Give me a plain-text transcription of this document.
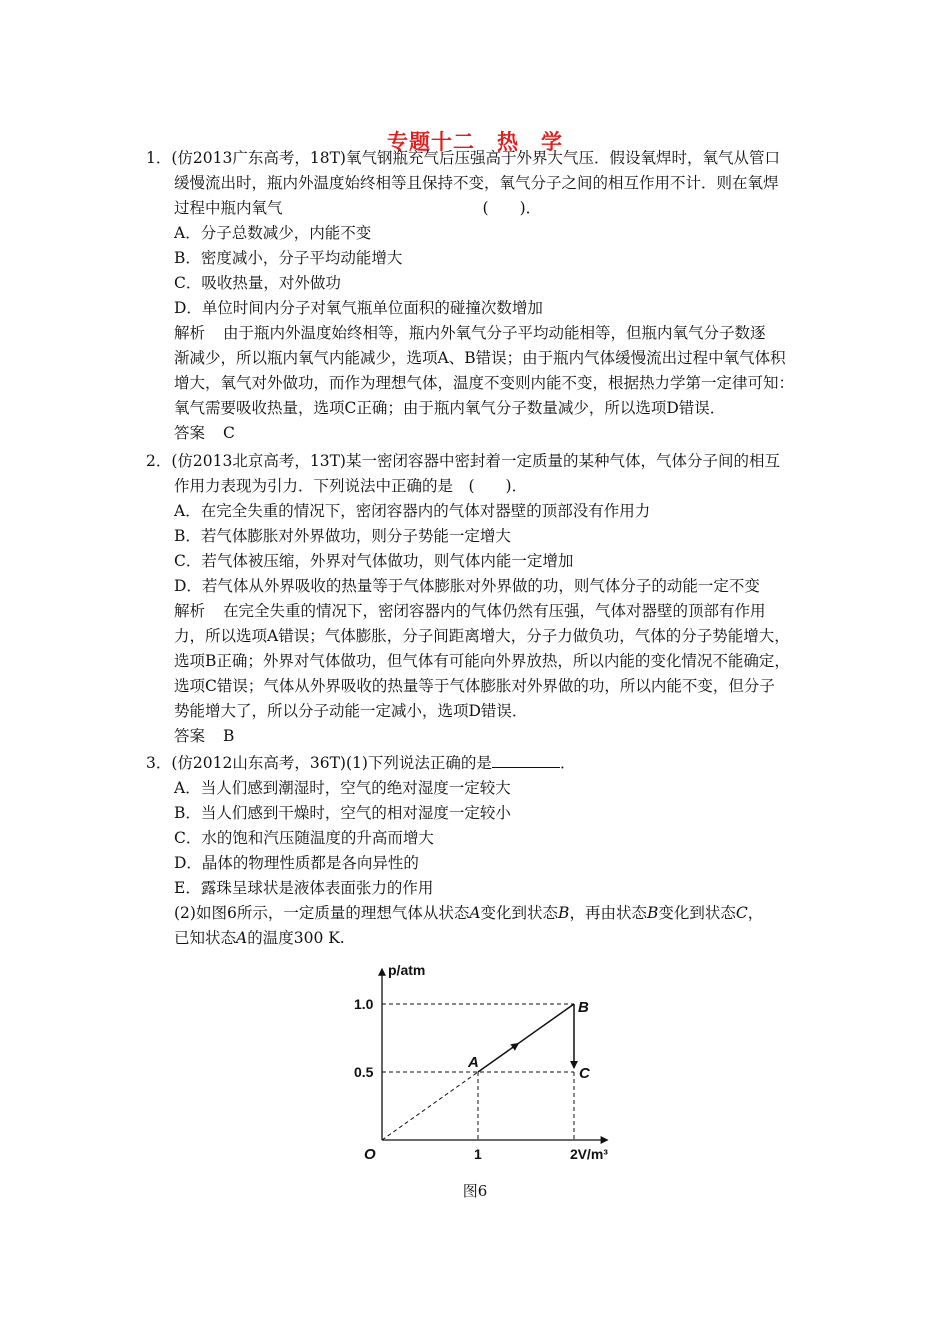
专题十二　热　学
1．(仿2013广东高考，18T)氧气钢瓶充气后压强高于外界大气压．假设氧焊时，氧气从管口
缓慢流出时，瓶内外温度始终相等且保持不变，氧气分子之间的相互作用不计．则在氧焊
过程中瓶内氧气	(　　)．
A．分子总数减少，内能不变
B．密度减小，分子平均动能增大
C．吸收热量，对外做功
D．单位时间内分子对氧气瓶单位面积的碰撞次数增加
解析 由于瓶内外温度始终相等，瓶内外氧气分子平均动能相等，但瓶内氧气分子数逐
渐减少，所以瓶内氧气内能减少，选项A、B错误；由于瓶内气体缓慢流出过程中氧气体积
增大，氧气对外做功，而作为理想气体，温度不变则内能不变，根据热力学第一定律可知：
氧气需要吸收热量，选项C正确；由于瓶内氧气分子数量减少，所以选项D错误．
答案 C
2．(仿2013北京高考，13T)某一密闭容器中密封着一定质量的某种气体，气体分子间的相互
作用力表现为引力．下列说法中正确的是　(　　)．
A．在完全失重的情况下，密闭容器内的气体对器壁的顶部没有作用力
B．若气体膨胀对外界做功，则分子势能一定增大
C．若气体被压缩，外界对气体做功，则气体内能一定增加
D．若气体从外界吸收的热量等于气体膨胀对外界做的功，则气体分子的动能一定不变
解析 在完全失重的情况下，密闭容器内的气体仍然有压强，气体对器壁的顶部有作用
力，所以选项A错误；气体膨胀，分子间距离增大，分子力做负功，气体的分子势能增大，
选项B正确；外界对气体做功，但气体有可能向外界放热，所以内能的变化情况不能确定，
选项C错误；气体从外界吸收的热量等于气体膨胀对外界做的功，所以内能不变，但分子
势能增大了，所以分子动能一定减小，选项D错误．
答案 B
3．(仿2012山东高考，36T)(1)下列说法正确的是	．
A．当人们感到潮湿时，空气的绝对湿度一定较大
B．当人们感到干燥时，空气的相对湿度一定较小
C．水的饱和汽压随温度的升高而增大
D．晶体的物理性质都是各向异性的
E．露珠呈球状是液体表面张力的作用
(2)如图6所示，一定质量的理想气体从状态A变化到状态B，再由状态B变化到状态C，
已知状态A的温度300 K.
A
B
C
1.0
0.5
1	2
O
p/atm
V/m³
图6
